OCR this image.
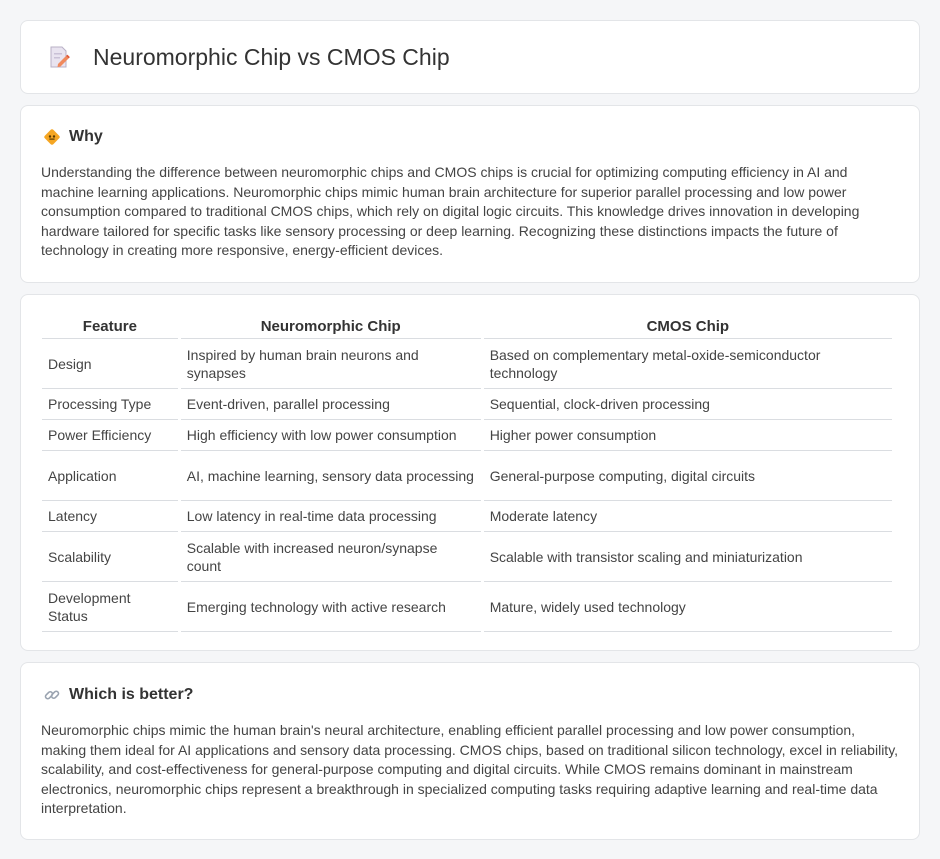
Neuromorphic Chip vs CMOS Chip
Why

Understanding the difference between neuromorphic chips and CMOS chips is crucial for optimizing computing efficiency in AI and machine learning applications. Neuromorphic chips mimic human brain architecture for superior parallel processing and low power consumption compared to traditional CMOS chips, which rely on digital logic circuits. This knowledge drives innovation in developing hardware tailored for specific tasks like sensory processing or deep learning. Recognizing these distinctions impacts the future of technology in creating more responsive, energy-efficient devices.

Feature	Neuromorphic Chip	CMOS Chip
Design	Inspired by human brain neurons and synapses	Based on complementary metal-oxide-semiconductor technology
Processing Type	Event-driven, parallel processing	Sequential, clock-driven processing
Power Efficiency	High efficiency with low power consumption	Higher power consumption
Application	AI, machine learning, sensory data processing	General-purpose computing, digital circuits
Latency	Low latency in real-time data processing	Moderate latency
Scalability	Scalable with increased neuron/synapse count	Scalable with transistor scaling and miniaturization
Development Status	Emerging technology with active research	Mature, widely used technology
Which is better?

Neuromorphic chips mimic the human brain's neural architecture, enabling efficient parallel processing and low power consumption, making them ideal for AI applications and sensory data processing. CMOS chips, based on traditional silicon technology, excel in reliability, scalability, and cost-effectiveness for general-purpose computing and digital circuits. While CMOS remains dominant in mainstream electronics, neuromorphic chips represent a breakthrough in specialized computing tasks requiring adaptive learning and real-time data interpretation.
